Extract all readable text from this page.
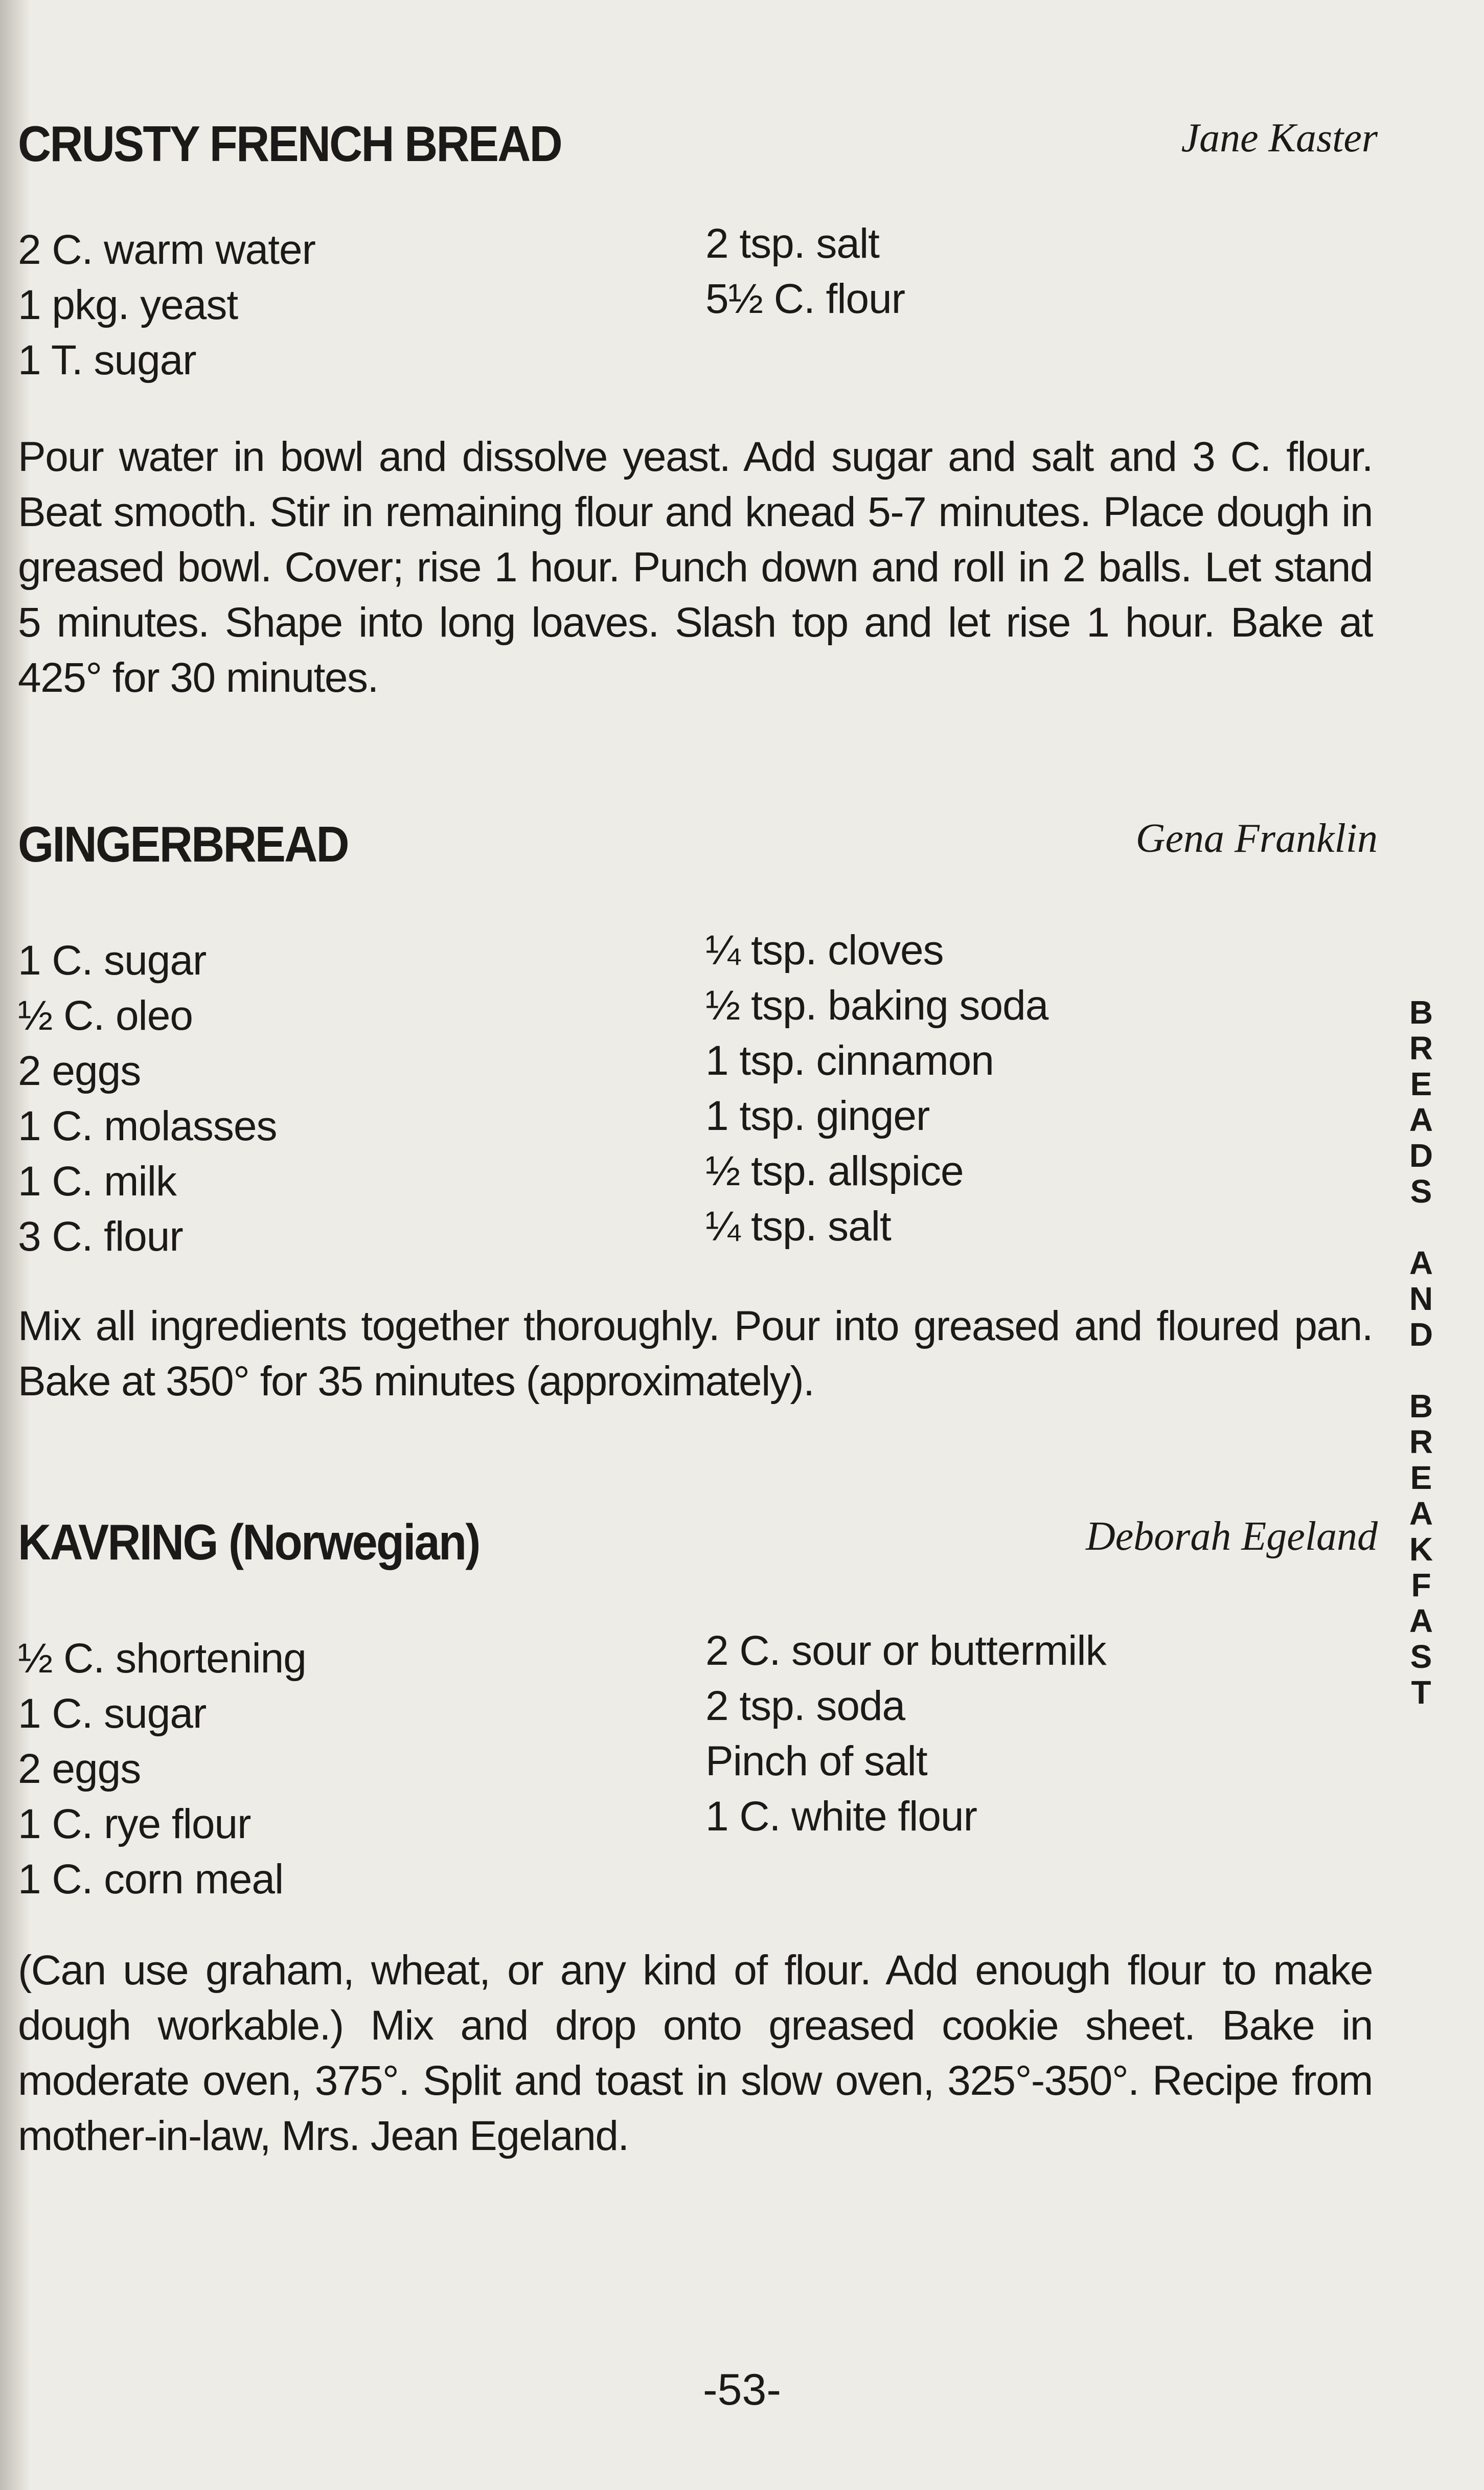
CRUSTY FRENCH BREAD	Jane Kaster
2 C. warm water
1 pkg. yeast
1 T. sugar
2 tsp. salt
5½ C. flour
Pour water in bowl and dissolve yeast. Add sugar and salt and 3 C. flour. Beat smooth. Stir in remaining flour and knead 5-7 minutes. Place dough in greased bowl. Cover; rise 1 hour. Punch down and roll in 2 balls. Let stand 5 minutes. Shape into long loaves. Slash top and let rise 1 hour. Bake at 425° for 30 minutes.
GINGERBREAD	Gena Franklin
1 C. sugar
½ C. oleo
2 eggs
1 C. molasses
1 C. milk
3 C. flour
¼ tsp. cloves
½ tsp. baking soda
1 tsp. cinnamon
1 tsp. ginger
½ tsp. allspice
¼ tsp. salt
Mix all ingredients together thoroughly. Pour into greased and floured pan. Bake at 350° for 35 minutes (approximately).
KAVRING (Norwegian)	Deborah Egeland
½ C. shortening
1 C. sugar
2 eggs
1 C. rye flour
1 C. corn meal
2 C. sour or buttermilk
2 tsp. soda
Pinch of salt
1 C. white flour
(Can use graham, wheat, or any kind of flour. Add enough flour to make dough workable.) Mix and drop onto greased cookie sheet. Bake in moderate oven, 375°. Split and toast in slow oven, 325°-350°. Recipe from mother-in-law, Mrs. Jean Egeland.
B
R
E
A
D
S
A
N
D
B
R
E
A
K
F
A
S
T
-53-
